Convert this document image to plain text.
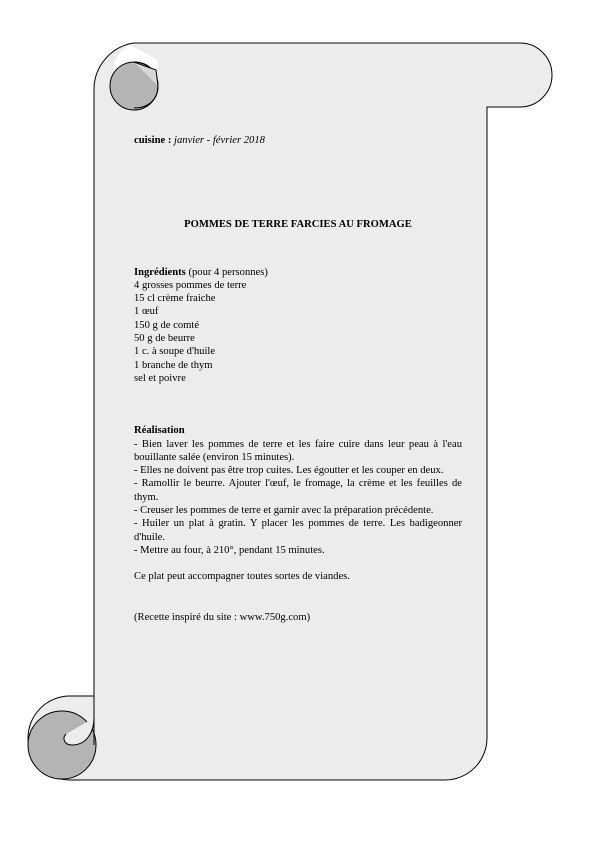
cuisine : janvier - février 2018

POMMES DE TERRE FARCIES AU FROMAGE
Ingrédients (pour 4 personnes)
4 grosses pommes de terre
15 cl crème fraiche
1 œuf
150 g de comté
50 g de beurre
1 c. à soupe d'huile
1 branche de thym
sel et poivre
Réalisation
- Bien laver les pommes de terre et les faire cuire dans leur peau à l'eau bouillante salée (environ 15 minutes).
- Elles ne doivent pas être trop cuites. Les égoutter et les couper en deux.
- Ramollir le beurre. Ajouter l'œuf, le fromage, la crème et les feuilles de thym.
- Creuser les pommes de terre et garnir avec la préparation précédente.
- Huiler un plat à gratin. Y placer les pommes de terre. Les badigeonner d'huile.
- Mettre au four, à 210°, pendant 15 minutes.
Ce plat peut accompagner toutes sortes de viandes.
(Recette inspiré du site : www.750g.com)
